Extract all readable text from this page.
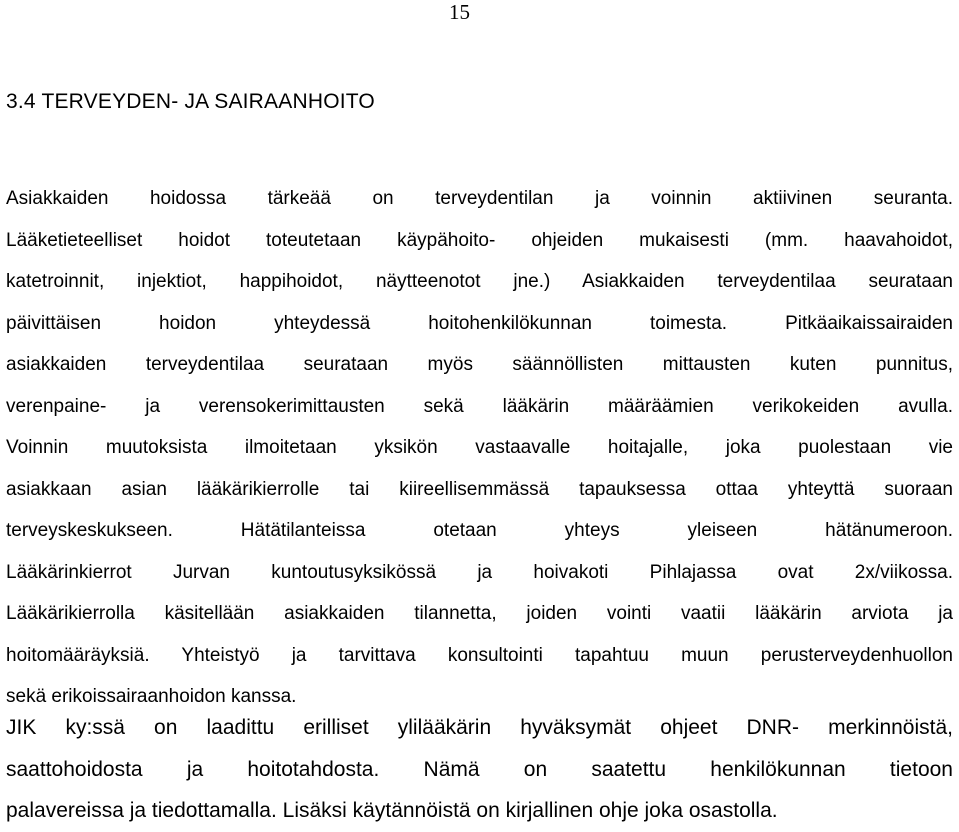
15
3.4 TERVEYDEN- JA SAIRAANHOITO
Asiakkaiden hoidossa tärkeää on terveydentilan ja voinnin aktiivinen seuranta.
Lääketieteelliset hoidot toteutetaan käypähoito- ohjeiden mukaisesti (mm. haavahoidot,
katetroinnit, injektiot, happihoidot, näytteenotot jne.) Asiakkaiden terveydentilaa seurataan
päivittäisen hoidon yhteydessä hoitohenkilökunnan toimesta. Pitkäaikaissairaiden
asiakkaiden terveydentilaa seurataan myös säännöllisten mittausten kuten punnitus,
verenpaine- ja verensokerimittausten sekä lääkärin määräämien verikokeiden avulla.
Voinnin muutoksista ilmoitetaan yksikön vastaavalle hoitajalle, joka puolestaan vie
asiakkaan asian lääkärikierrolle tai kiireellisemmässä tapauksessa ottaa yhteyttä suoraan
terveyskeskukseen. Hätätilanteissa otetaan yhteys yleiseen hätänumeroon.
Lääkärinkierrot Jurvan kuntoutusyksikössä ja hoivakoti Pihlajassa ovat 2x/viikossa.
Lääkärikierrolla käsitellään asiakkaiden tilannetta, joiden vointi vaatii lääkärin arviota ja
hoitomääräyksiä. Yhteistyö ja tarvittava konsultointi tapahtuu muun perusterveydenhuollon
sekä erikoissairaanhoidon kanssa.
JIK ky:ssä on laadittu erilliset ylilääkärin hyväksymät ohjeet DNR- merkinnöistä,
saattohoidosta ja hoitotahdosta. Nämä on saatettu henkilökunnan tietoon
palavereissa ja tiedottamalla. Lisäksi käytännöistä on kirjallinen ohje joka osastolla.
